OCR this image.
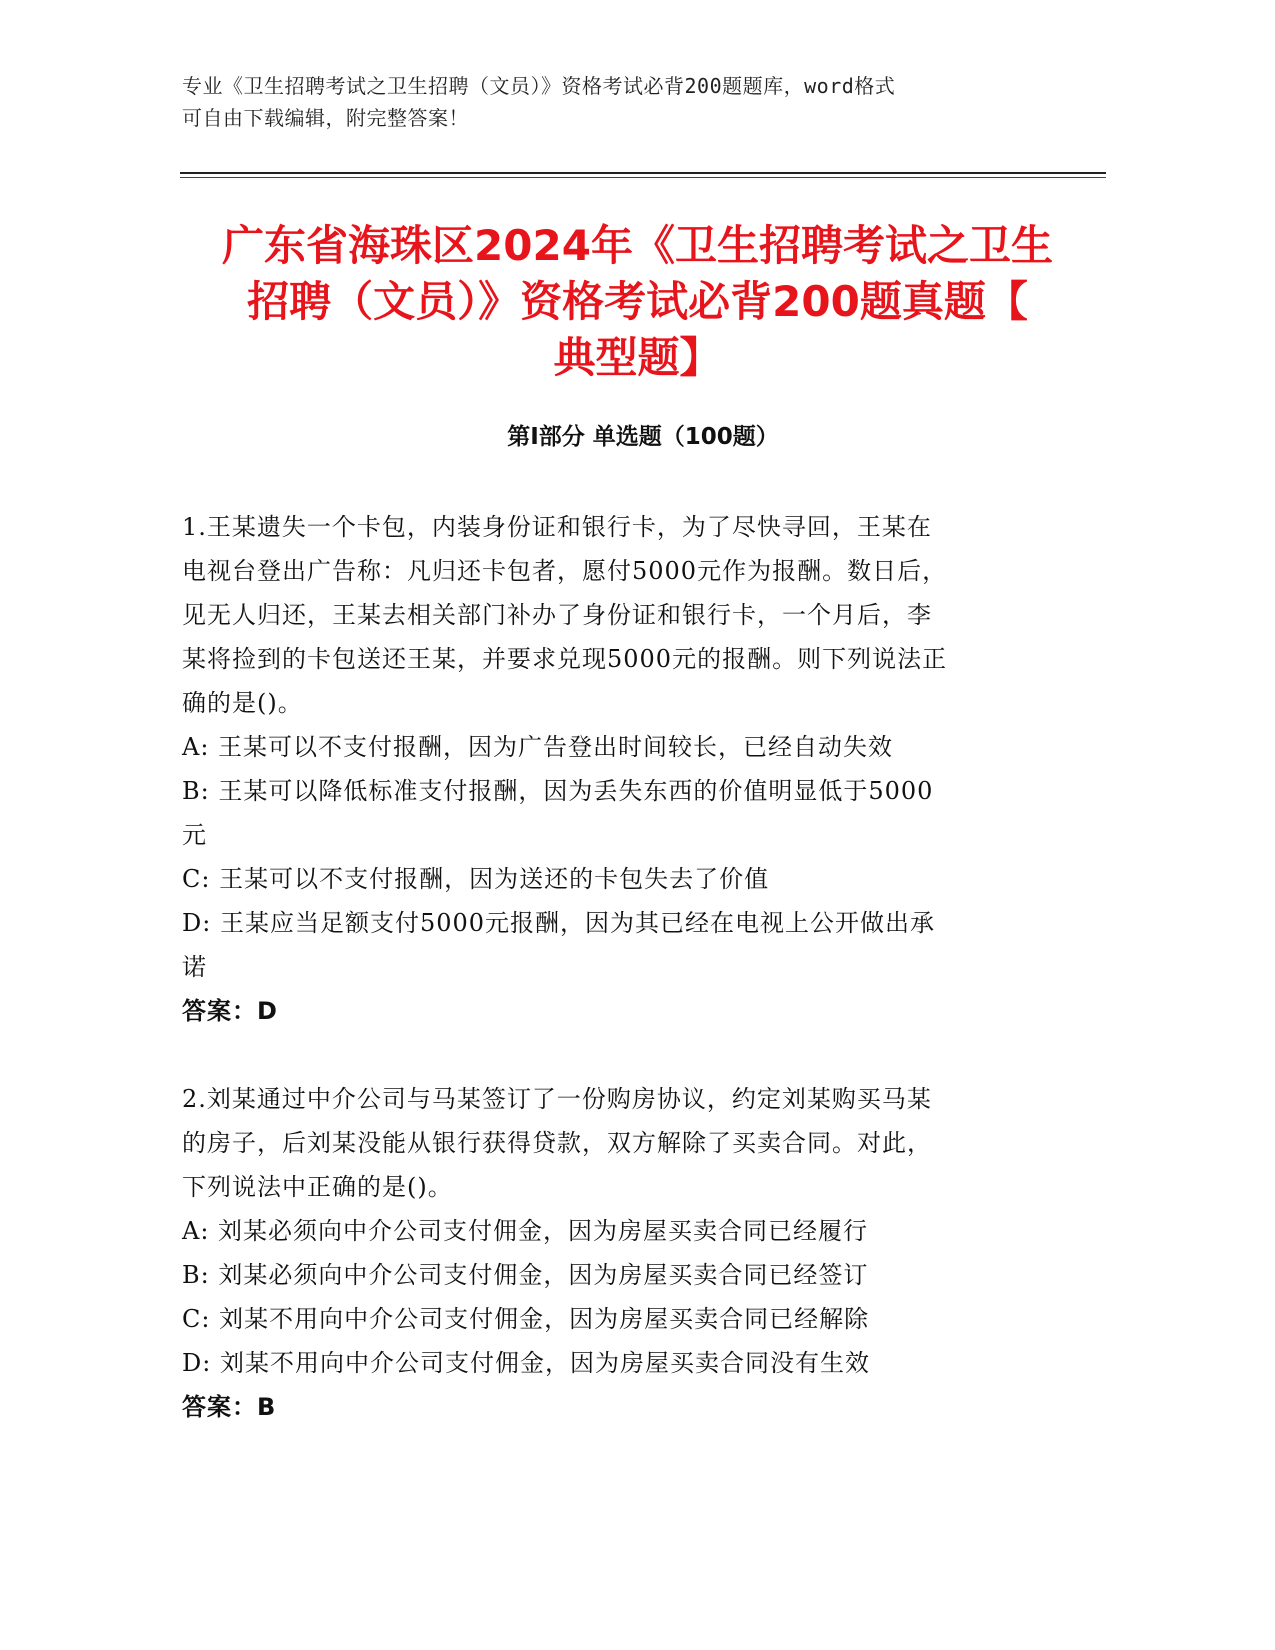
专业《卫生招聘考试之卫生招聘（文员）》资格考试必背200题题库，word格式

可自由下载编辑，附完整答案！

广东省海珠区2024年《卫生招聘考试之卫生

招聘（文员）》资格考试必背200题真题【

典型题】

第I部分 单选题（100题）

1.王某遗失一个卡包，内装身份证和银行卡，为了尽快寻回，王某在

电视台登出广告称：凡归还卡包者，愿付5000元作为报酬。数日后，

见无人归还，王某去相关部门补办了身份证和银行卡，一个月后，李

某将捡到的卡包送还王某，并要求兑现5000元的报酬。则下列说法正

确的是()。

A: 王某可以不支付报酬，因为广告登出时间较长，已经自动失效

B: 王某可以降低标准支付报酬，因为丢失东西的价值明显低于5000

元

C: 王某可以不支付报酬，因为送还的卡包失去了价值

D: 王某应当足额支付5000元报酬，因为其已经在电视上公开做出承

诺

答案：D

2.刘某通过中介公司与马某签订了一份购房协议，约定刘某购买马某

的房子，后刘某没能从银行获得贷款，双方解除了买卖合同。对此，

下列说法中正确的是()。

A: 刘某必须向中介公司支付佣金，因为房屋买卖合同已经履行

B: 刘某必须向中介公司支付佣金，因为房屋买卖合同已经签订

C: 刘某不用向中介公司支付佣金，因为房屋买卖合同已经解除

D: 刘某不用向中介公司支付佣金，因为房屋买卖合同没有生效

答案：B
